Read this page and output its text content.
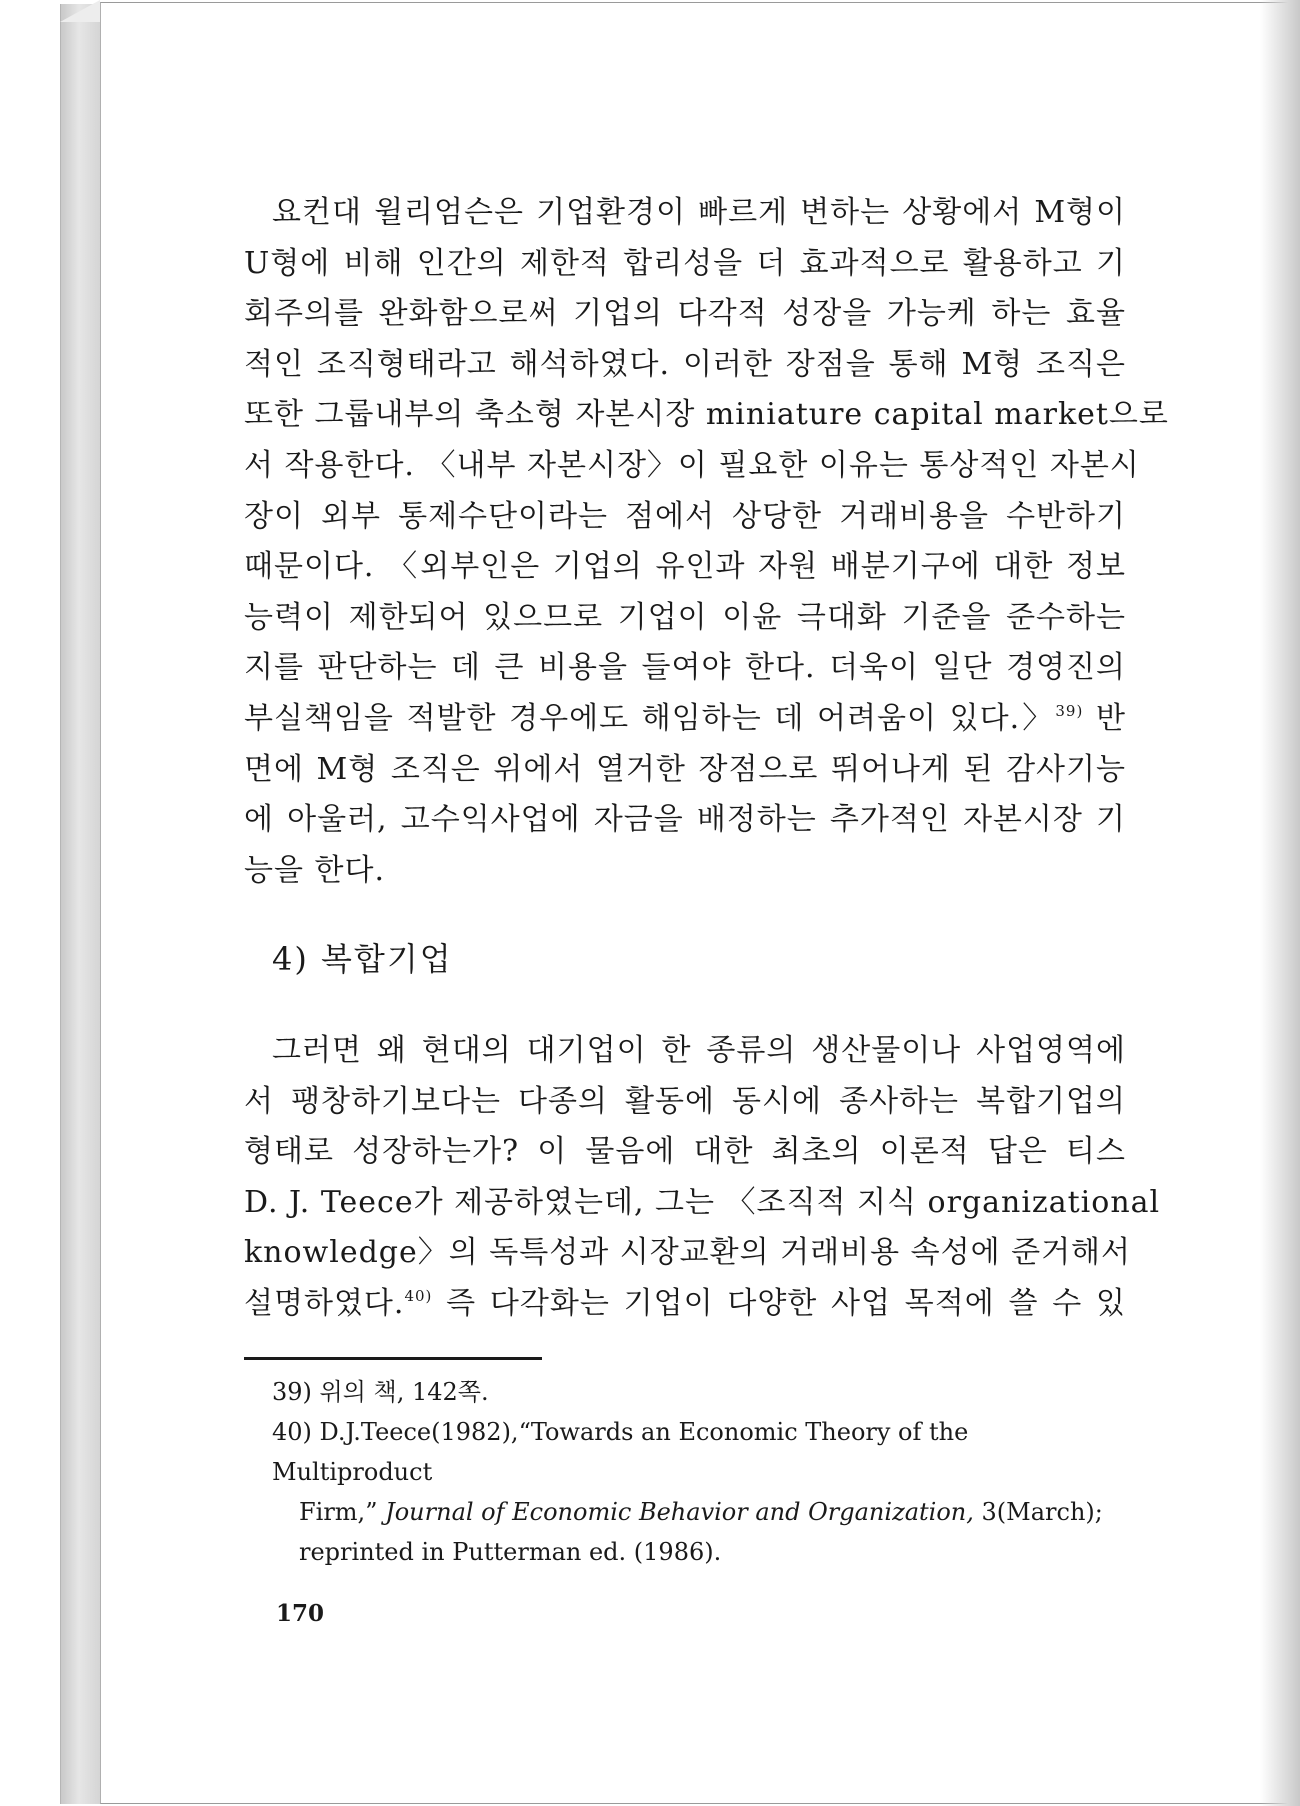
요컨대 윌리엄슨은 기업환경이 빠르게 변하는 상황에서 M형이
U형에 비해 인간의 제한적 합리성을 더 효과적으로 활용하고 기
회주의를 완화함으로써 기업의 다각적 성장을 가능케 하는 효율
적인 조직형태라고 해석하였다. 이러한 장점을 통해 M형 조직은
또한 그룹내부의 축소형 자본시장 miniature capital market으로
서 작용한다. 〈내부 자본시장〉이 필요한 이유는 통상적인 자본시
장이 외부 통제수단이라는 점에서 상당한 거래비용을 수반하기
때문이다. 〈외부인은 기업의 유인과 자원 배분기구에 대한 정보
능력이 제한되어 있으므로 기업이 이윤 극대화 기준을 준수하는
지를 판단하는 데 큰 비용을 들여야 한다. 더욱이 일단 경영진의
부실책임을 적발한 경우에도 해임하는 데 어려움이 있다.〉$^{39)}$ 반
면에 M형 조직은 위에서 열거한 장점으로 뛰어나게 된 감사기능
에 아울러, 고수익사업에 자금을 배정하는 추가적인 자본시장 기
능을 한다.
4) 복합기업
그러면 왜 현대의 대기업이 한 종류의 생산물이나 사업영역에
서 팽창하기보다는 다종의 활동에 동시에 종사하는 복합기업의
형태로 성장하는가? 이 물음에 대한 최초의 이론적 답은 티스
D. J. Teece가 제공하였는데, 그는 〈조직적 지식 organizational
knowledge〉의 독특성과 시장교환의 거래비용 속성에 준거해서
설명하였다.$^{40)}$ 즉 다각화는 기업이 다양한 사업 목적에 쓸 수 있
39) 위의 책, 142쪽.
40) D.J.Teece(1982),“Towards an Economic Theory of the Multiproduct
Firm,” Journal of Economic Behavior and Organization, 3(March);
reprinted in Putterman ed. (1986).
170
